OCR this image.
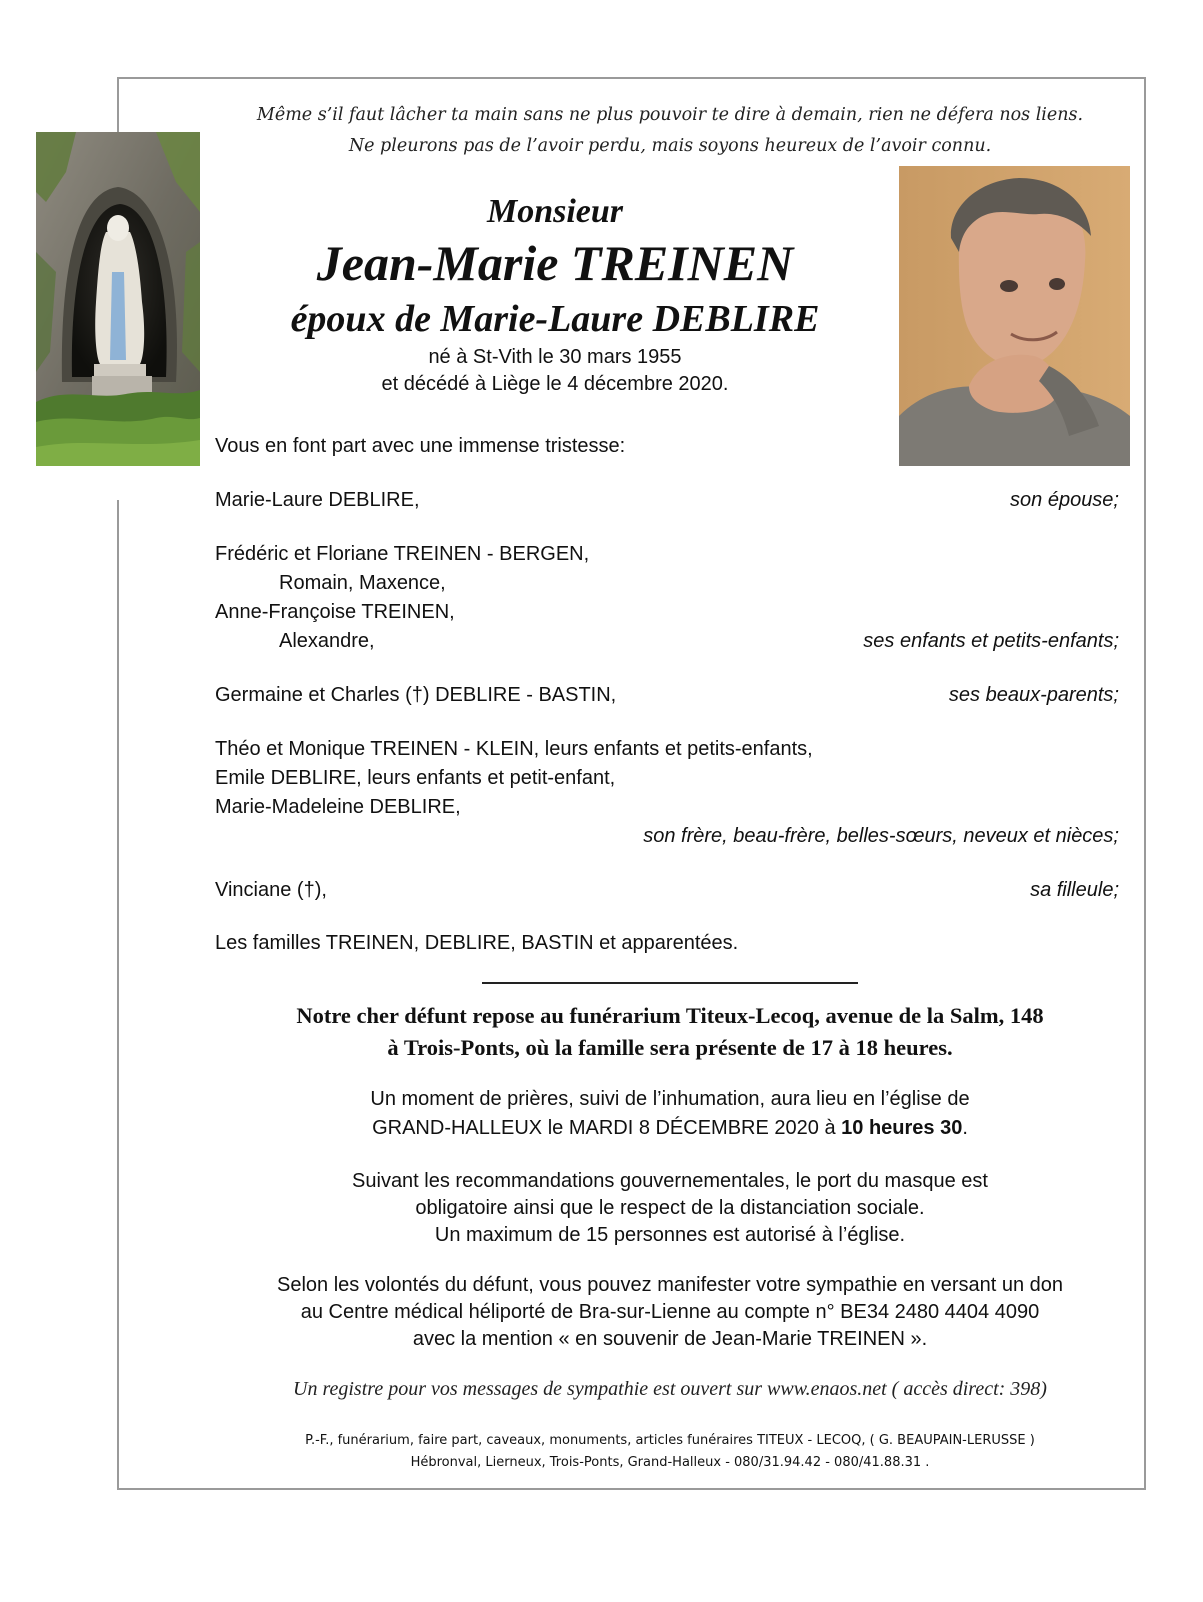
Même s’il faut lâcher ta main sans ne plus pouvoir te dire à demain, rien ne défera nos liens.
Ne pleurons pas de l’avoir perdu, mais soyons heureux de l’avoir connu.
Monsieur
Jean-Marie TREINEN
époux de Marie-Laure DEBLIRE
né à St-Vith le 30 mars 1955
et décédé à Liège le 4 décembre 2020.
Vous en font part avec une immense tristesse:
Marie-Laure DEBLIRE,	son épouse;
Frédéric et Floriane TREINEN - BERGEN,
Romain, Maxence,
Anne-Françoise TREINEN,
Alexandre,	ses enfants et petits-enfants;
Germaine et Charles (†) DEBLIRE - BASTIN,	ses beaux-parents;
Théo et Monique TREINEN - KLEIN, leurs enfants et petits-enfants,
Emile DEBLIRE, leurs enfants et petit-enfant,
Marie-Madeleine DEBLIRE,
son frère, beau-frère, belles-sœurs, neveux et nièces;
Vinciane (†),	sa filleule;
Les familles TREINEN, DEBLIRE, BASTIN et apparentées.
Notre cher défunt repose au funérarium Titeux-Lecoq, avenue de la Salm, 148
à Trois-Ponts, où la famille sera présente de 17 à 18 heures.
Un moment de prières, suivi de l’inhumation, aura lieu en l’église de
GRAND-HALLEUX le MARDI 8 DÉCEMBRE 2020 à 10 heures 30.
Suivant les recommandations gouvernementales, le port du masque est
obligatoire ainsi que le respect de la distanciation sociale.
Un maximum de 15 personnes est autorisé à l’église.
Selon les volontés du défunt, vous pouvez manifester votre sympathie en versant un don
au Centre médical héliporté de Bra-sur-Lienne au compte n° BE34 2480 4404 4090
avec la mention « en souvenir de Jean-Marie TREINEN ».
Un registre pour vos messages de sympathie est ouvert sur www.enaos.net ( accès direct: 398)
P.-F., funérarium, faire part, caveaux, monuments, articles funéraires TITEUX - LECOQ, ( G. BEAUPAIN-LERUSSE )
Hébronval, Lierneux, Trois-Ponts, Grand-Halleux - 080/31.94.42 - 080/41.88.31 .
